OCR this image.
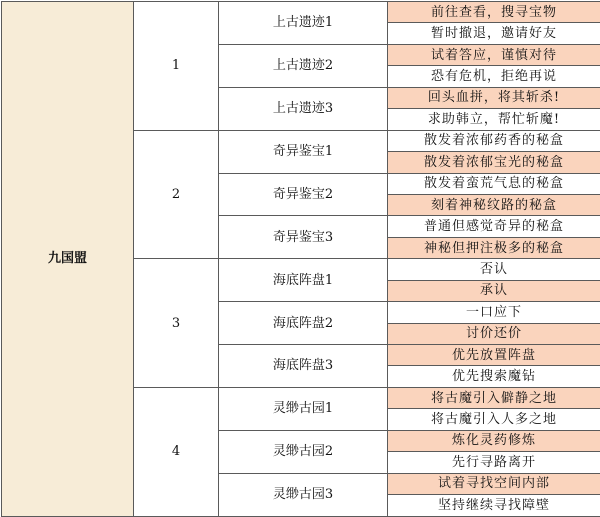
九国盟	1	上古遗迹1	前往查看，搜寻宝物
			暂时撤退，邀请好友
		上古遗迹2	试着答应，谨慎对待
			恐有危机，拒绝再说
		上古遗迹3	回头血拼，将其斩杀!
			求助韩立，帮忙斩魔!
	2	奇异鉴宝1	散发着浓郁药香的秘盒
			散发着浓郁宝光的秘盒
		奇异鉴宝2	散发着蛮荒气息的秘盒
			刻着神秘纹路的秘盒
		奇异鉴宝3	普通但感觉奇异的秘盒
			神秘但押注极多的秘盒
	3	海底阵盘1	否认
			承认
		海底阵盘2	一口应下
			讨价还价
		海底阵盘3	优先放置阵盘
			优先搜索魔钻
	4	灵缈古园1	将古魔引入僻静之地
			将古魔引入人多之地
		灵缈古园2	炼化灵药修炼
			先行寻路离开
		灵缈古园3	试着寻找空间内部
			坚持继续寻找障壁
